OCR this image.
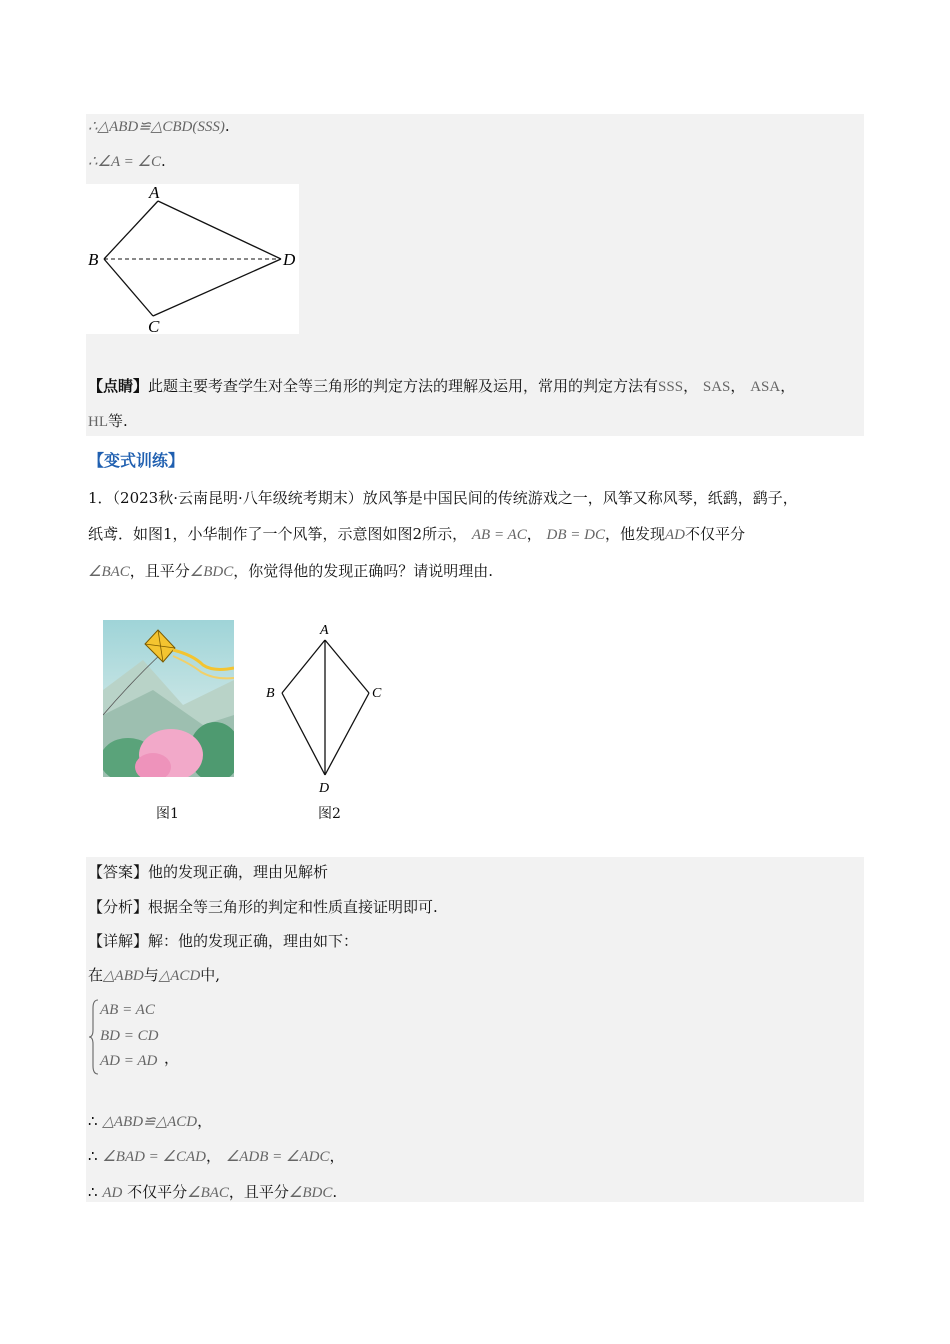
∴△ABD≌△CBD(SSS).
∴∠A = ∠C.
A
B
C
D
【点睛】此题主要考查学生对全等三角形的判定方法的理解及运用，常用的判定方法有SSS， SAS， ASA，
HL等.
【变式训练】
1．（2023秋·云南昆明·八年级统考期末）放风筝是中国民间的传统游戏之一，风筝又称风琴，纸鹞，鹞子，
纸鸢．如图1，小华制作了一个风筝，示意图如图2所示， AB = AC， DB = DC，他发现AD不仅平分
∠BAC，且平分∠BDC，你觉得他的发现正确吗？请说明理由.
图1
A
B	C
D
图2
【答案】他的发现正确，理由见解析
【分析】根据全等三角形的判定和性质直接证明即可.
【详解】解：他的发现正确，理由如下：
在△ABD与△ACD中,
AB = AC
BD = CD
AD = AD ，
∴ △ABD≌△ACD，
∴ ∠BAD = ∠CAD， ∠ADB = ∠ADC，
∴ AD 不仅平分∠BAC，且平分∠BDC.
